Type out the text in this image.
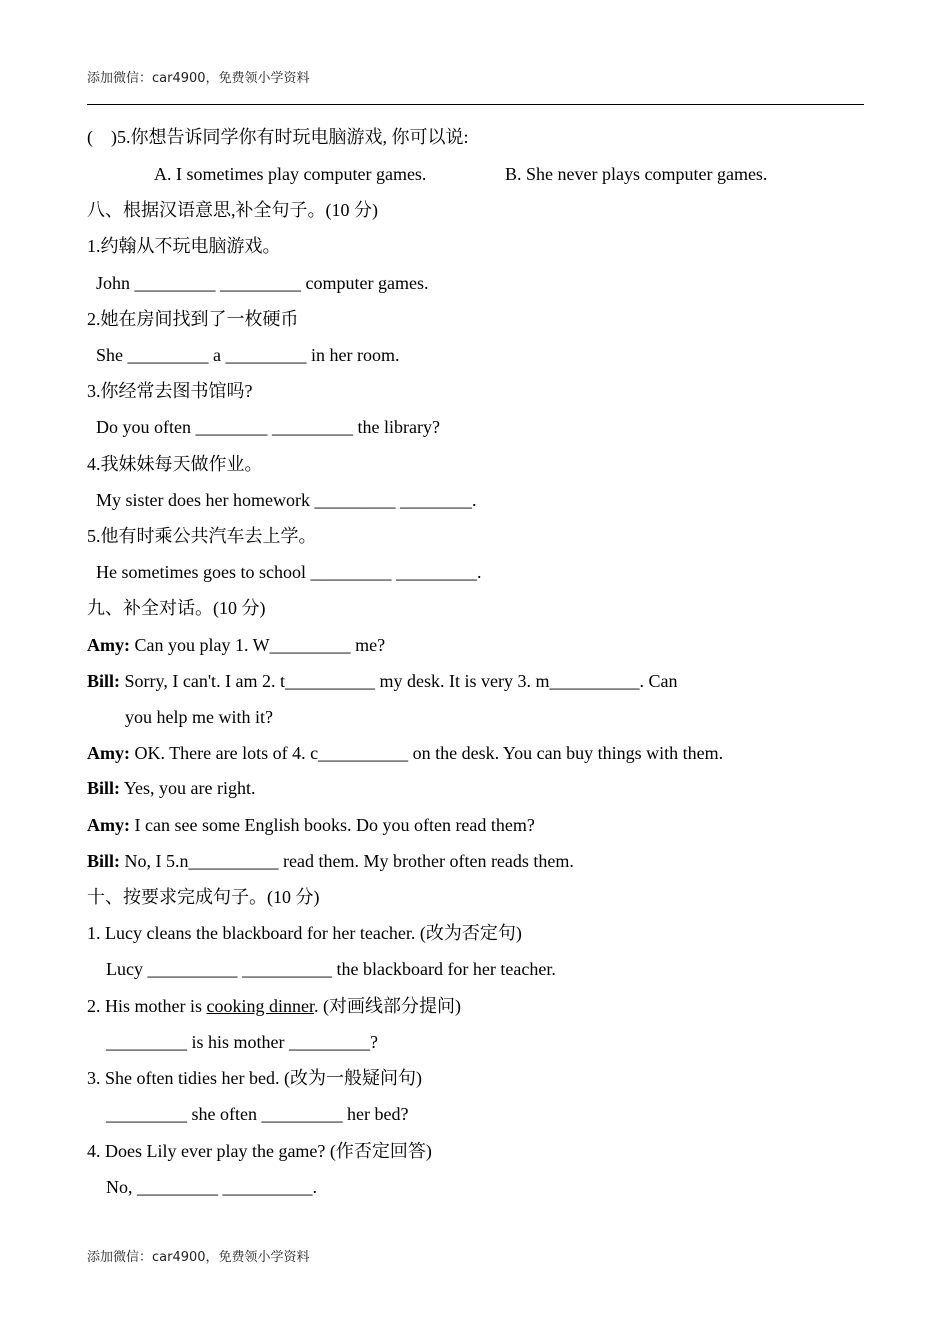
添加微信：car4900，免费领小学资料
(    )5.你想告诉同学你有时玩电脑游戏, 你可以说:
A. I sometimes play computer games.	B. She never plays computer games.
八、根据汉语意思,补全句子。(10 分)
1.约翰从不玩电脑游戏。
John _________ _________ computer games.
2.她在房间找到了一枚硬币
She _________ a _________ in her room.
3.你经常去图书馆吗?
Do you often ________ _________ the library?
4.我妹妹每天做作业。
My sister does her homework _________ ________.
5.他有时乘公共汽车去上学。
He sometimes goes to school _________ _________.
九、补全对话。(10 分)
Amy: Can you play 1. W_________ me?
Bill: Sorry, I can't. I am 2. t__________ my desk. It is very 3. m__________. Can
you help me with it?
Amy: OK. There are lots of 4. c__________ on the desk. You can buy things with them.
Bill: Yes, you are right.
Amy: I can see some English books. Do you often read them?
Bill: No, I 5.n__________ read them. My brother often reads them.
十、按要求完成句子。(10 分)
1. Lucy cleans the blackboard for her teacher. (改为否定句)
Lucy __________ __________ the blackboard for her teacher.
2. His mother is cooking dinner. (对画线部分提问)
_________ is his mother _________?
3. She often tidies her bed. (改为一般疑问句)
_________ she often _________ her bed?
4. Does Lily ever play the game? (作否定回答)
No, _________ __________.
添加微信：car4900，免费领小学资料
